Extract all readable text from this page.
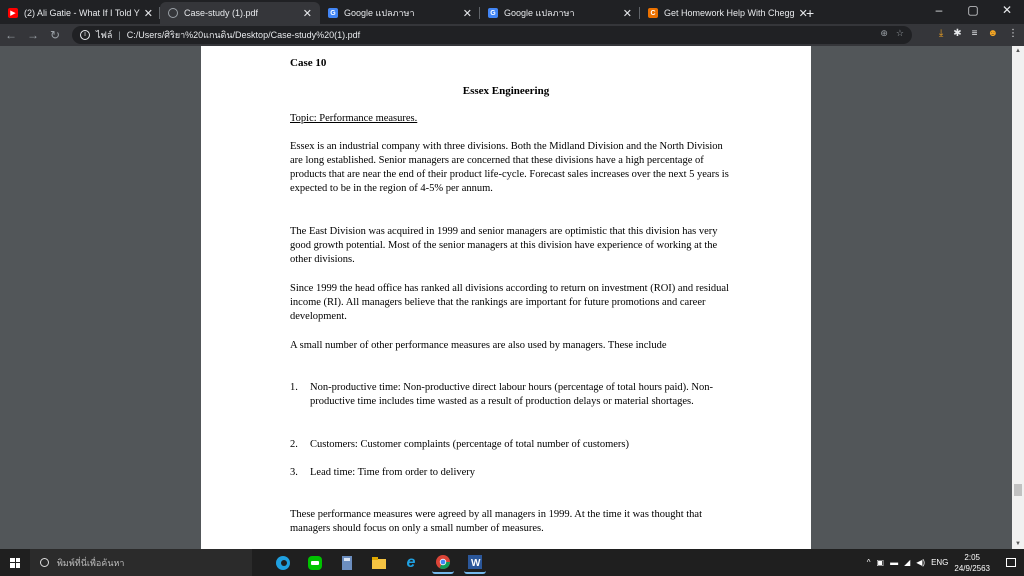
▶ (2) Ali Gatie - What If I Told Y ✕	Case-study (1).pdf	✕	G Google แปลภาษา	✕	G Google แปลภาษา	✕	C Get Homework Help With Chegg ✕
+	–	▢	✕
← → ↻	i	ไฟล์ | C:/Users/ศิริยา%20แกนดิน/Desktop/Case-study%20(1).pdf	⊕ ☆	⤓ ✱ ≡ ☻ ⋮
Case 10
Essex Engineering
Topic: Performance measures.

Essex is an industrial company with three divisions. Both the Midland Division and the North Division are long established. Senior managers are concerned that these divisions have a high percentage of products that are near the end of their product life-cycle. Forecast sales increases over the next 5 years is expected to be in the region of 4-5% per annum.

The East Division was acquired in 1999 and senior managers are optimistic that this division has very good growth potential. Most of the senior managers at this division have experience of working at the other divisions.

Since 1999 the head office has ranked all divisions according to return on investment (ROI) and residual income (RI). All managers believe that the rankings are important for future promotions and career development.

A small number of other performance measures are also used by managers. These include

1.	Non-productive time: Non-productive direct labour hours (percentage of total hours paid). Non-productive time includes time wasted as a result of production delays or material shortages.
2.	Customers: Customer complaints (percentage of total number of customers)
3.	Lead time: Time from order to delivery

These performance measures were agreed by all managers in 1999. At the time it was thought that managers should focus on only a small number of measures.

▲
▼
พิมพ์ที่นี่เพื่อค้นหา	e	W	^ ▣ ▬ ◢ ◀) ENG
2:05
24/9/2563
